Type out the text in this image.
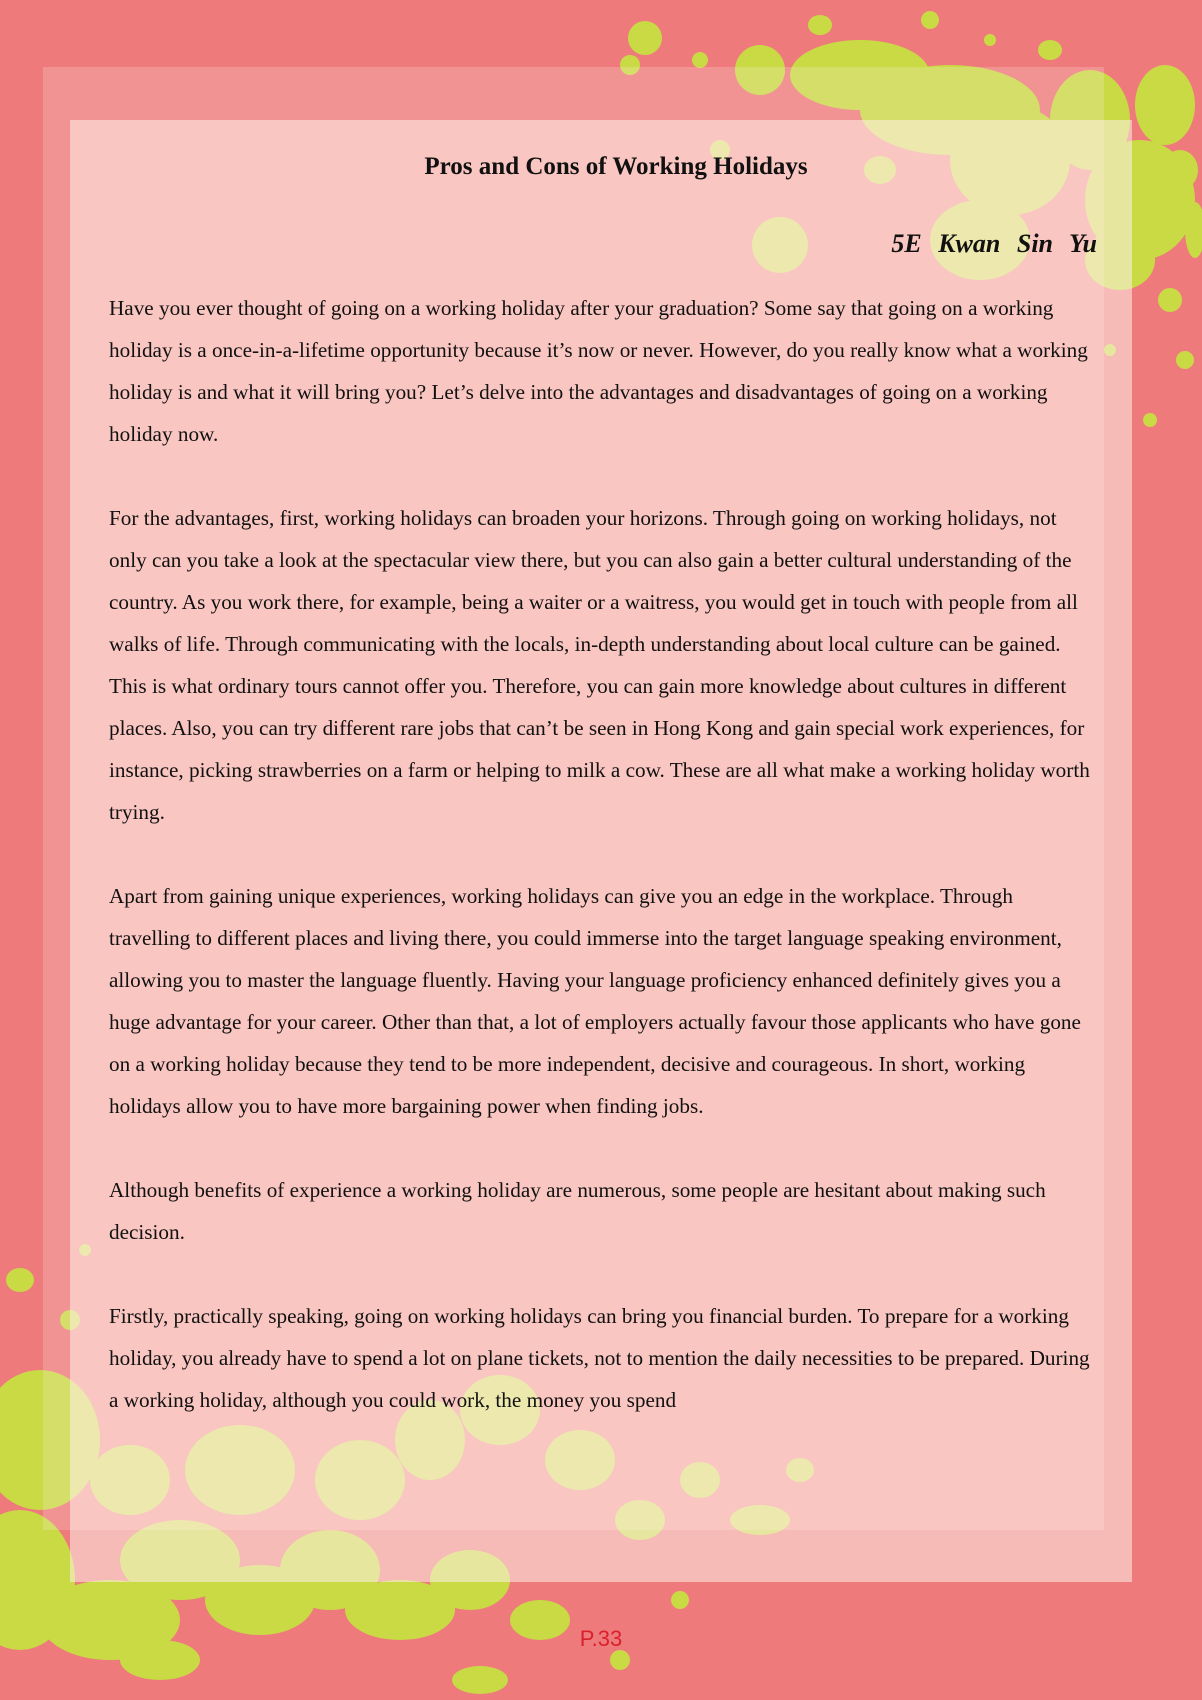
Pros and Cons of Working Holidays
5E Kwan Sin Yu

Have you ever thought of going on a working holiday after your graduation? Some say that going on a working holiday is a once-in-a-lifetime opportunity because it’s now or never. However, do you really know what a working holiday is and what it will bring you? Let’s delve into the advantages and disadvantages of going on a working holiday now.

For the advantages, first, working holidays can broaden your horizons. Through going on working holidays, not only can you take a look at the spectacular view there, but you can also gain a better cultural understanding of the country. As you work there, for example, being a waiter or a waitress, you would get in touch with people from all walks of life. Through communicating with the locals, in-depth understanding about local culture can be gained. This is what ordinary tours cannot offer you. Therefore, you can gain more knowledge about cultures in different places. Also, you can try different rare jobs that can’t be seen in Hong Kong and gain special work experiences, for instance, picking strawberries on a farm or helping to milk a cow. These are all what make a working holiday worth trying.

Apart from gaining unique experiences, working holidays can give you an edge in the workplace. Through travelling to different places and living there, you could immerse into the target language speaking environment, allowing you to master the language fluently. Having your language proficiency enhanced definitely gives you a huge advantage for your career. Other than that, a lot of employers actually favour those applicants who have gone on a working holiday because they tend to be more independent, decisive and courageous. In short, working holidays allow you to have more bargaining power when finding jobs.

Although benefits of experience a working holiday are numerous, some people are hesitant about making such decision.

Firstly, practically speaking, going on working holidays can bring you financial burden. To prepare for a working holiday, you already have to spend a lot on plane tickets, not to mention the daily necessities to be prepared. During a working holiday, although you could work, the money you spend

P.33
